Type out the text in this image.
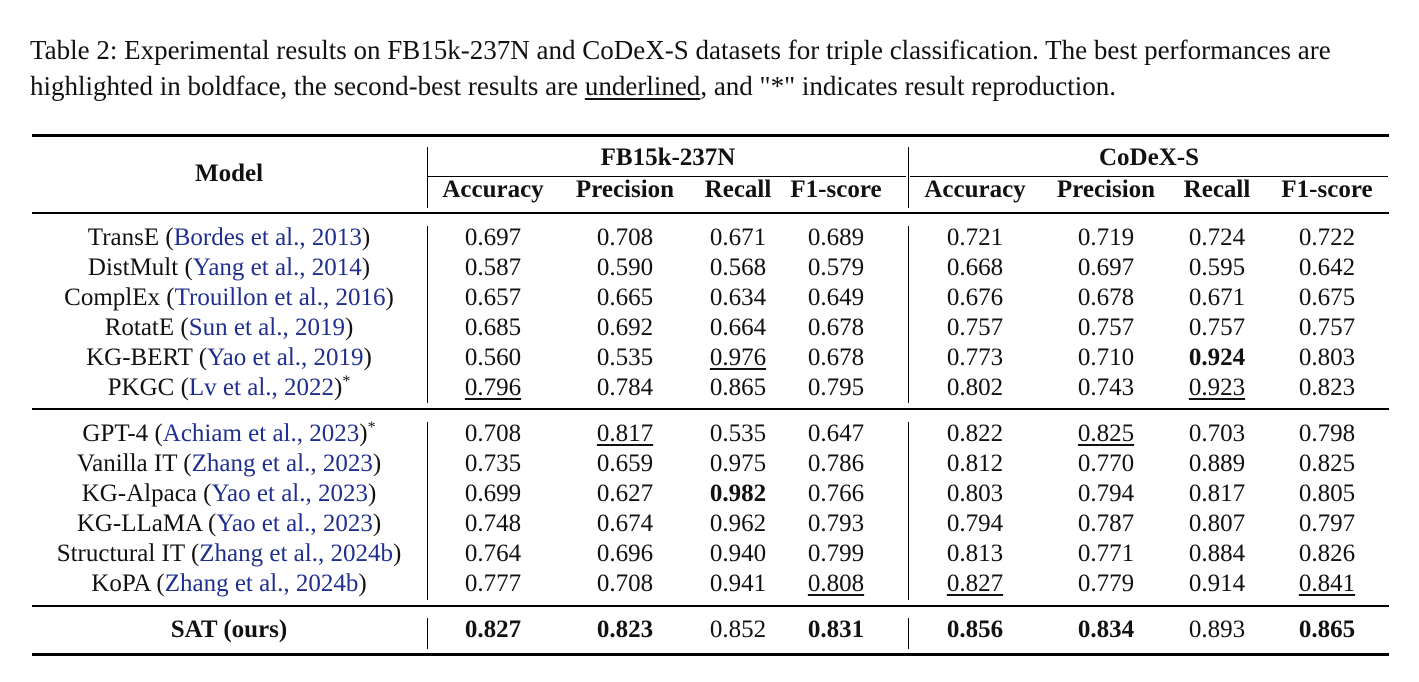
Table 2: Experimental results on FB15k-237N and CoDeX-S datasets for triple classification. The best performances are highlighted in boldface, the second-best results are underlined, and "*" indicates result reproduction.
Model
FB15k-237N	CoDeX-S
Accuracy Precision Recall F1-score Accuracy Precision Recall F1-score
TransE (Bordes et al., 2013)	0.697	0.708 0.671 0.689	0.721	0.719 0.724 0.722
DistMult (Yang et al., 2014)	0.587	0.590 0.568 0.579	0.668	0.697 0.595 0.642
ComplEx (Trouillon et al., 2016)	0.657	0.665 0.634 0.649	0.676	0.678 0.671 0.675
RotatE (Sun et al., 2019)	0.685	0.692 0.664 0.678	0.757	0.757 0.757 0.757
KG-BERT (Yao et al., 2019)	0.560	0.535 0.976 0.678	0.773	0.710 0.924 0.803
PKGC (Lv et al., 2022)*	0.796	0.784 0.865 0.795	0.802	0.743 0.923 0.823
GPT-4 (Achiam et al., 2023)*	0.708	0.817 0.535 0.647	0.822	0.825 0.703 0.798
Vanilla IT (Zhang et al., 2023)	0.735	0.659 0.975 0.786	0.812	0.770 0.889 0.825
KG-Alpaca (Yao et al., 2023)	0.699	0.627 0.982 0.766	0.803	0.794 0.817 0.805
KG-LLaMA (Yao et al., 2023)	0.748	0.674 0.962 0.793	0.794	0.787 0.807 0.797
Structural IT (Zhang et al., 2024b)	0.764	0.696 0.940 0.799	0.813	0.771 0.884 0.826
KoPA (Zhang et al., 2024b)	0.777	0.708 0.941 0.808	0.827	0.779 0.914 0.841
SAT (ours)	0.827	0.823 0.852 0.831	0.856	0.834 0.893 0.865
